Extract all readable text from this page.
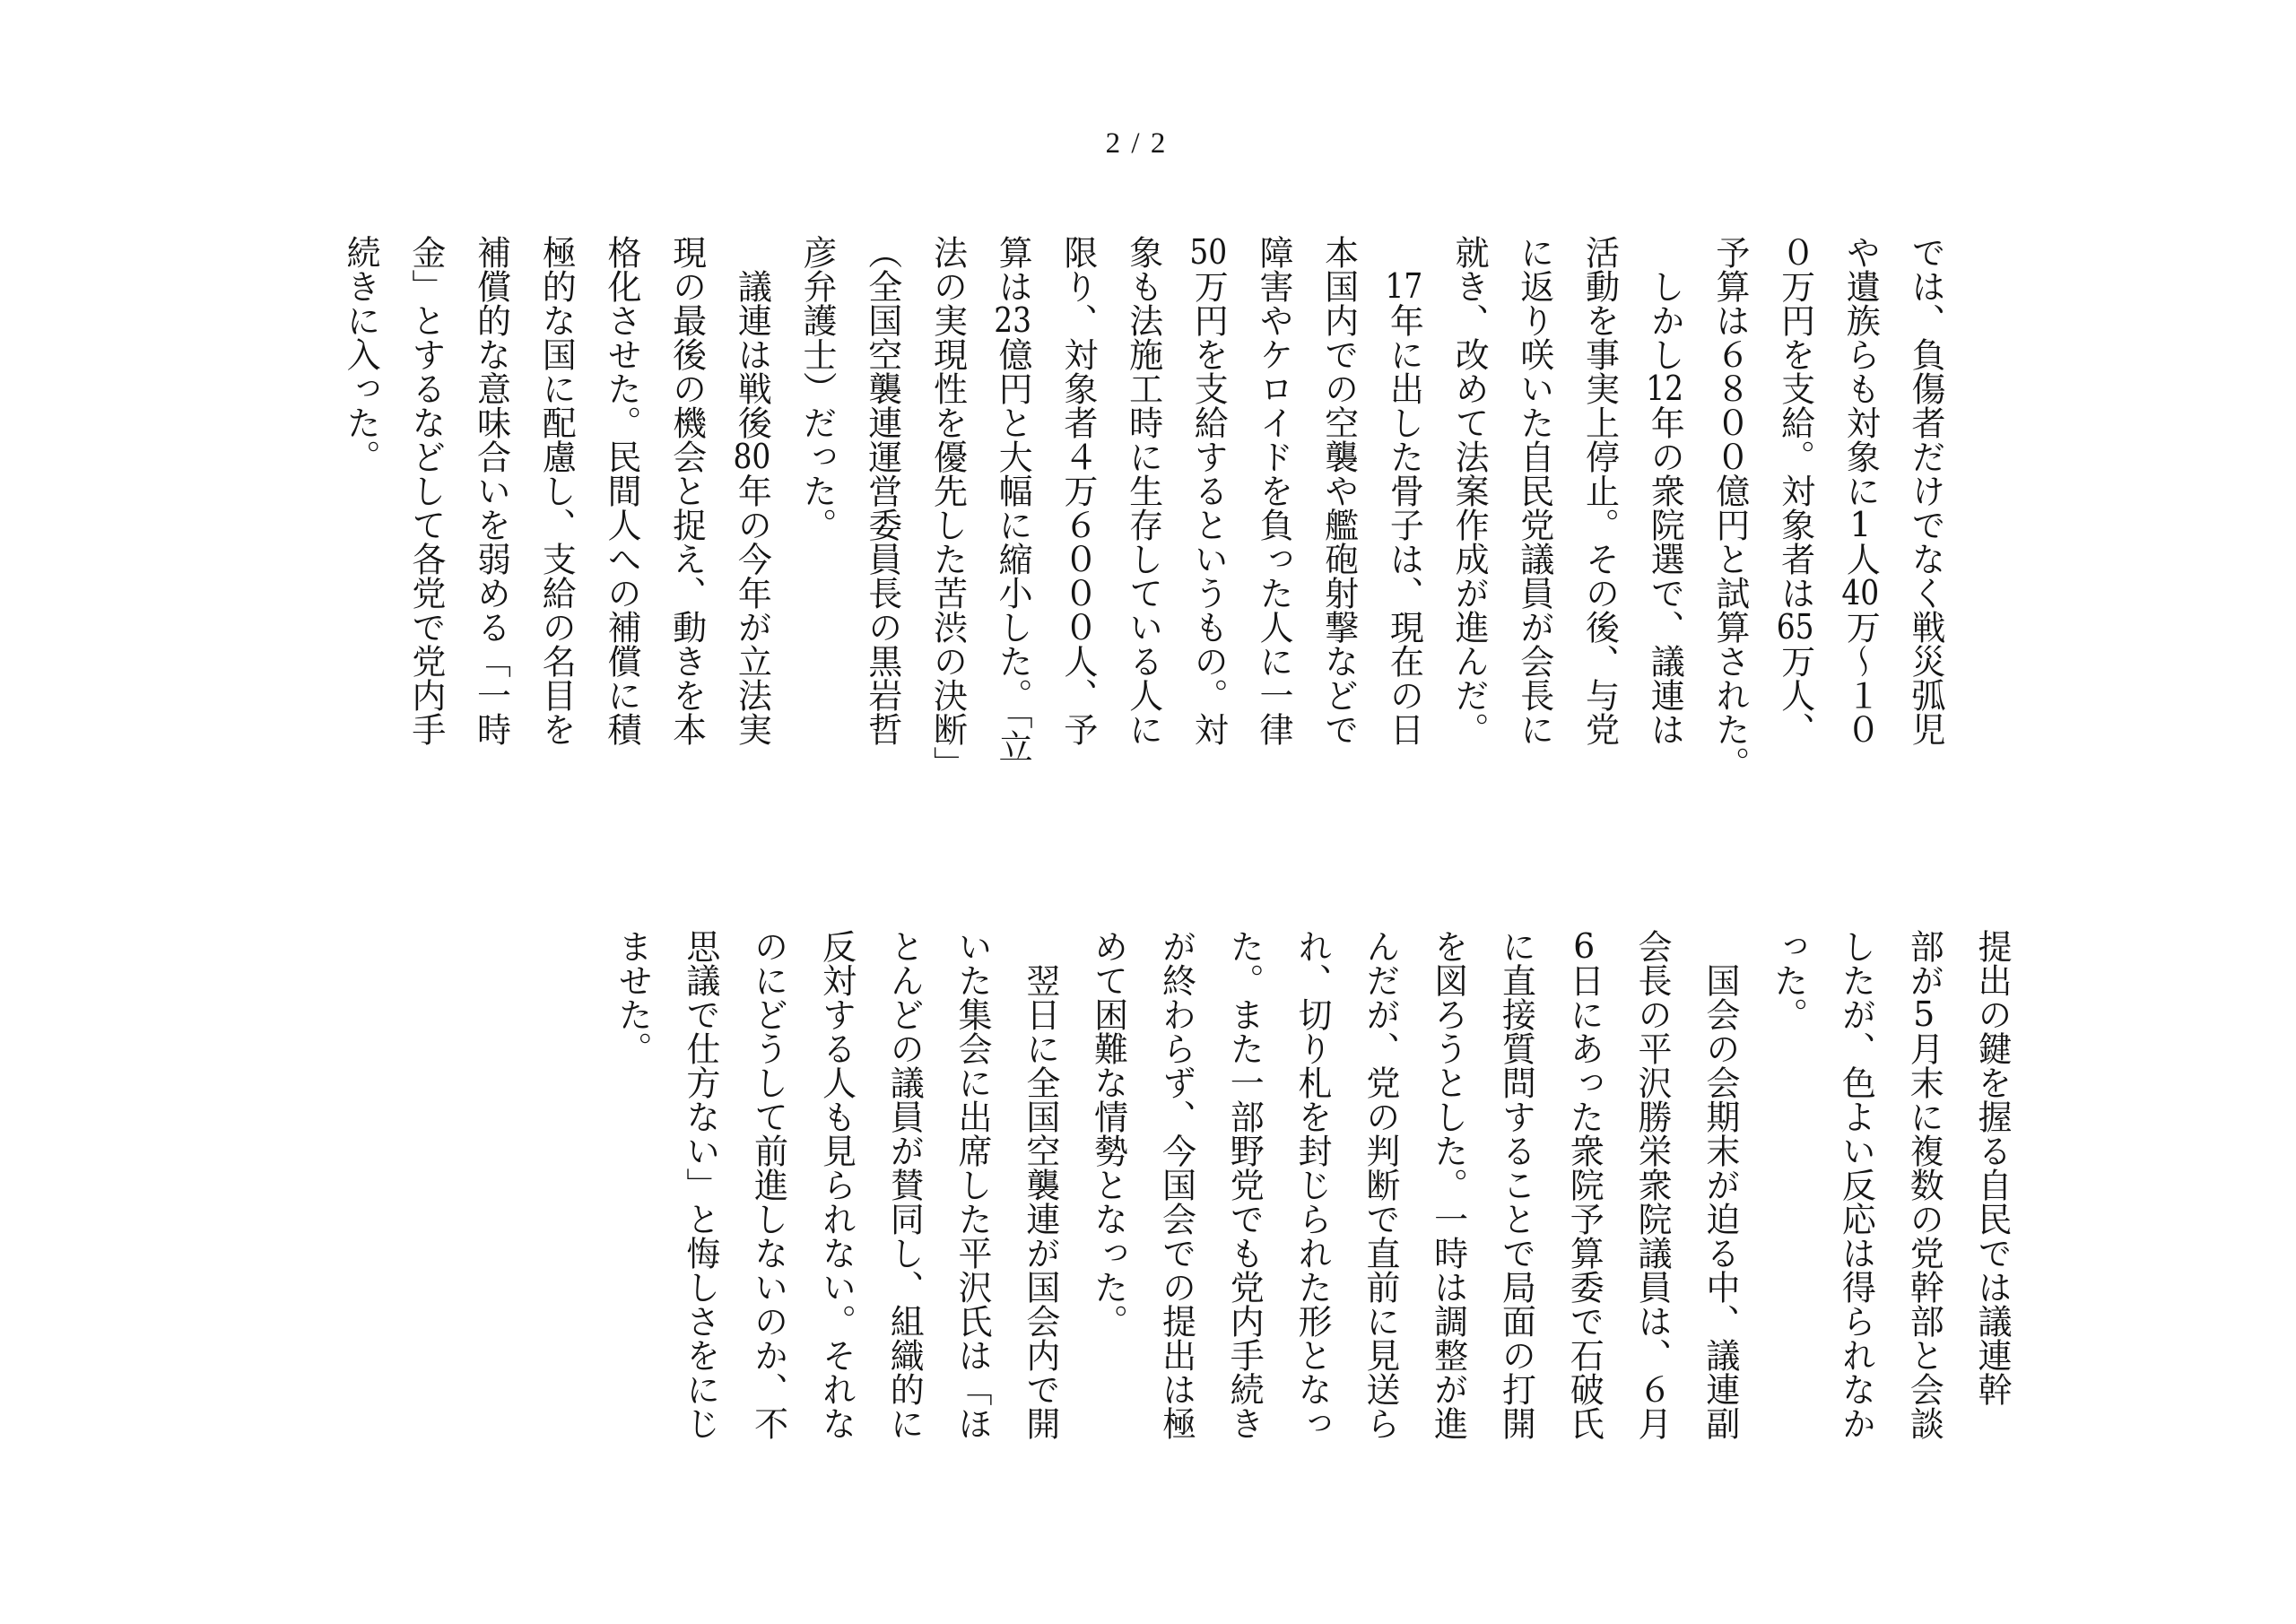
2 / 2
では、負傷者だけでなく戦災弧児
や遺族らも対象に1人40万〜１０
０万円を支給。対象者は65万人、
予算は６８００億円と試算された。
　しかし12年の衆院選で、議連は
活動を事実上停止。その後、与党
に返り咲いた自民党議員が会長に
就き、改めて法案作成が進んだ。
　17年に出した骨子は、現在の日
本国内での空襲や艦砲射撃などで
障害やケロイドを負った人に一律
50万円を支給するというもの。対
象も法施工時に生存している人に
限り、対象者４万６０００人、予
算は23億円と大幅に縮小した。「立
法の実現性を優先した苦渋の決断」
（全国空襲連運営委員長の黒岩哲
彦弁護士）だった。
　議連は戦後80年の今年が立法実
現の最後の機会と捉え、動きを本
格化させた。民間人への補償に積
極的な国に配慮し、支給の名目を
補償的な意味合いを弱める「一時
金」とするなどして各党で党内手
続きに入った。
提出の鍵を握る自民では議連幹
部が5月末に複数の党幹部と会談
したが、色よい反応は得られなか
った。
　国会の会期末が迫る中、議連副
会長の平沢勝栄衆院議員は、６月
6日にあった衆院予算委で石破氏
に直接質問することで局面の打開
を図ろうとした。一時は調整が進
んだが、党の判断で直前に見送ら
れ、切り札を封じられた形となっ
た。また一部野党でも党内手続き
が終わらず、今国会での提出は極
めて困難な情勢となった。
　翌日に全国空襲連が国会内で開
いた集会に出席した平沢氏は「ほ
とんどの議員が賛同し、組織的に
反対する人も見られない。それな
のにどうして前進しないのか、不
思議で仕方ない」と悔しさをにじ
ませた。
